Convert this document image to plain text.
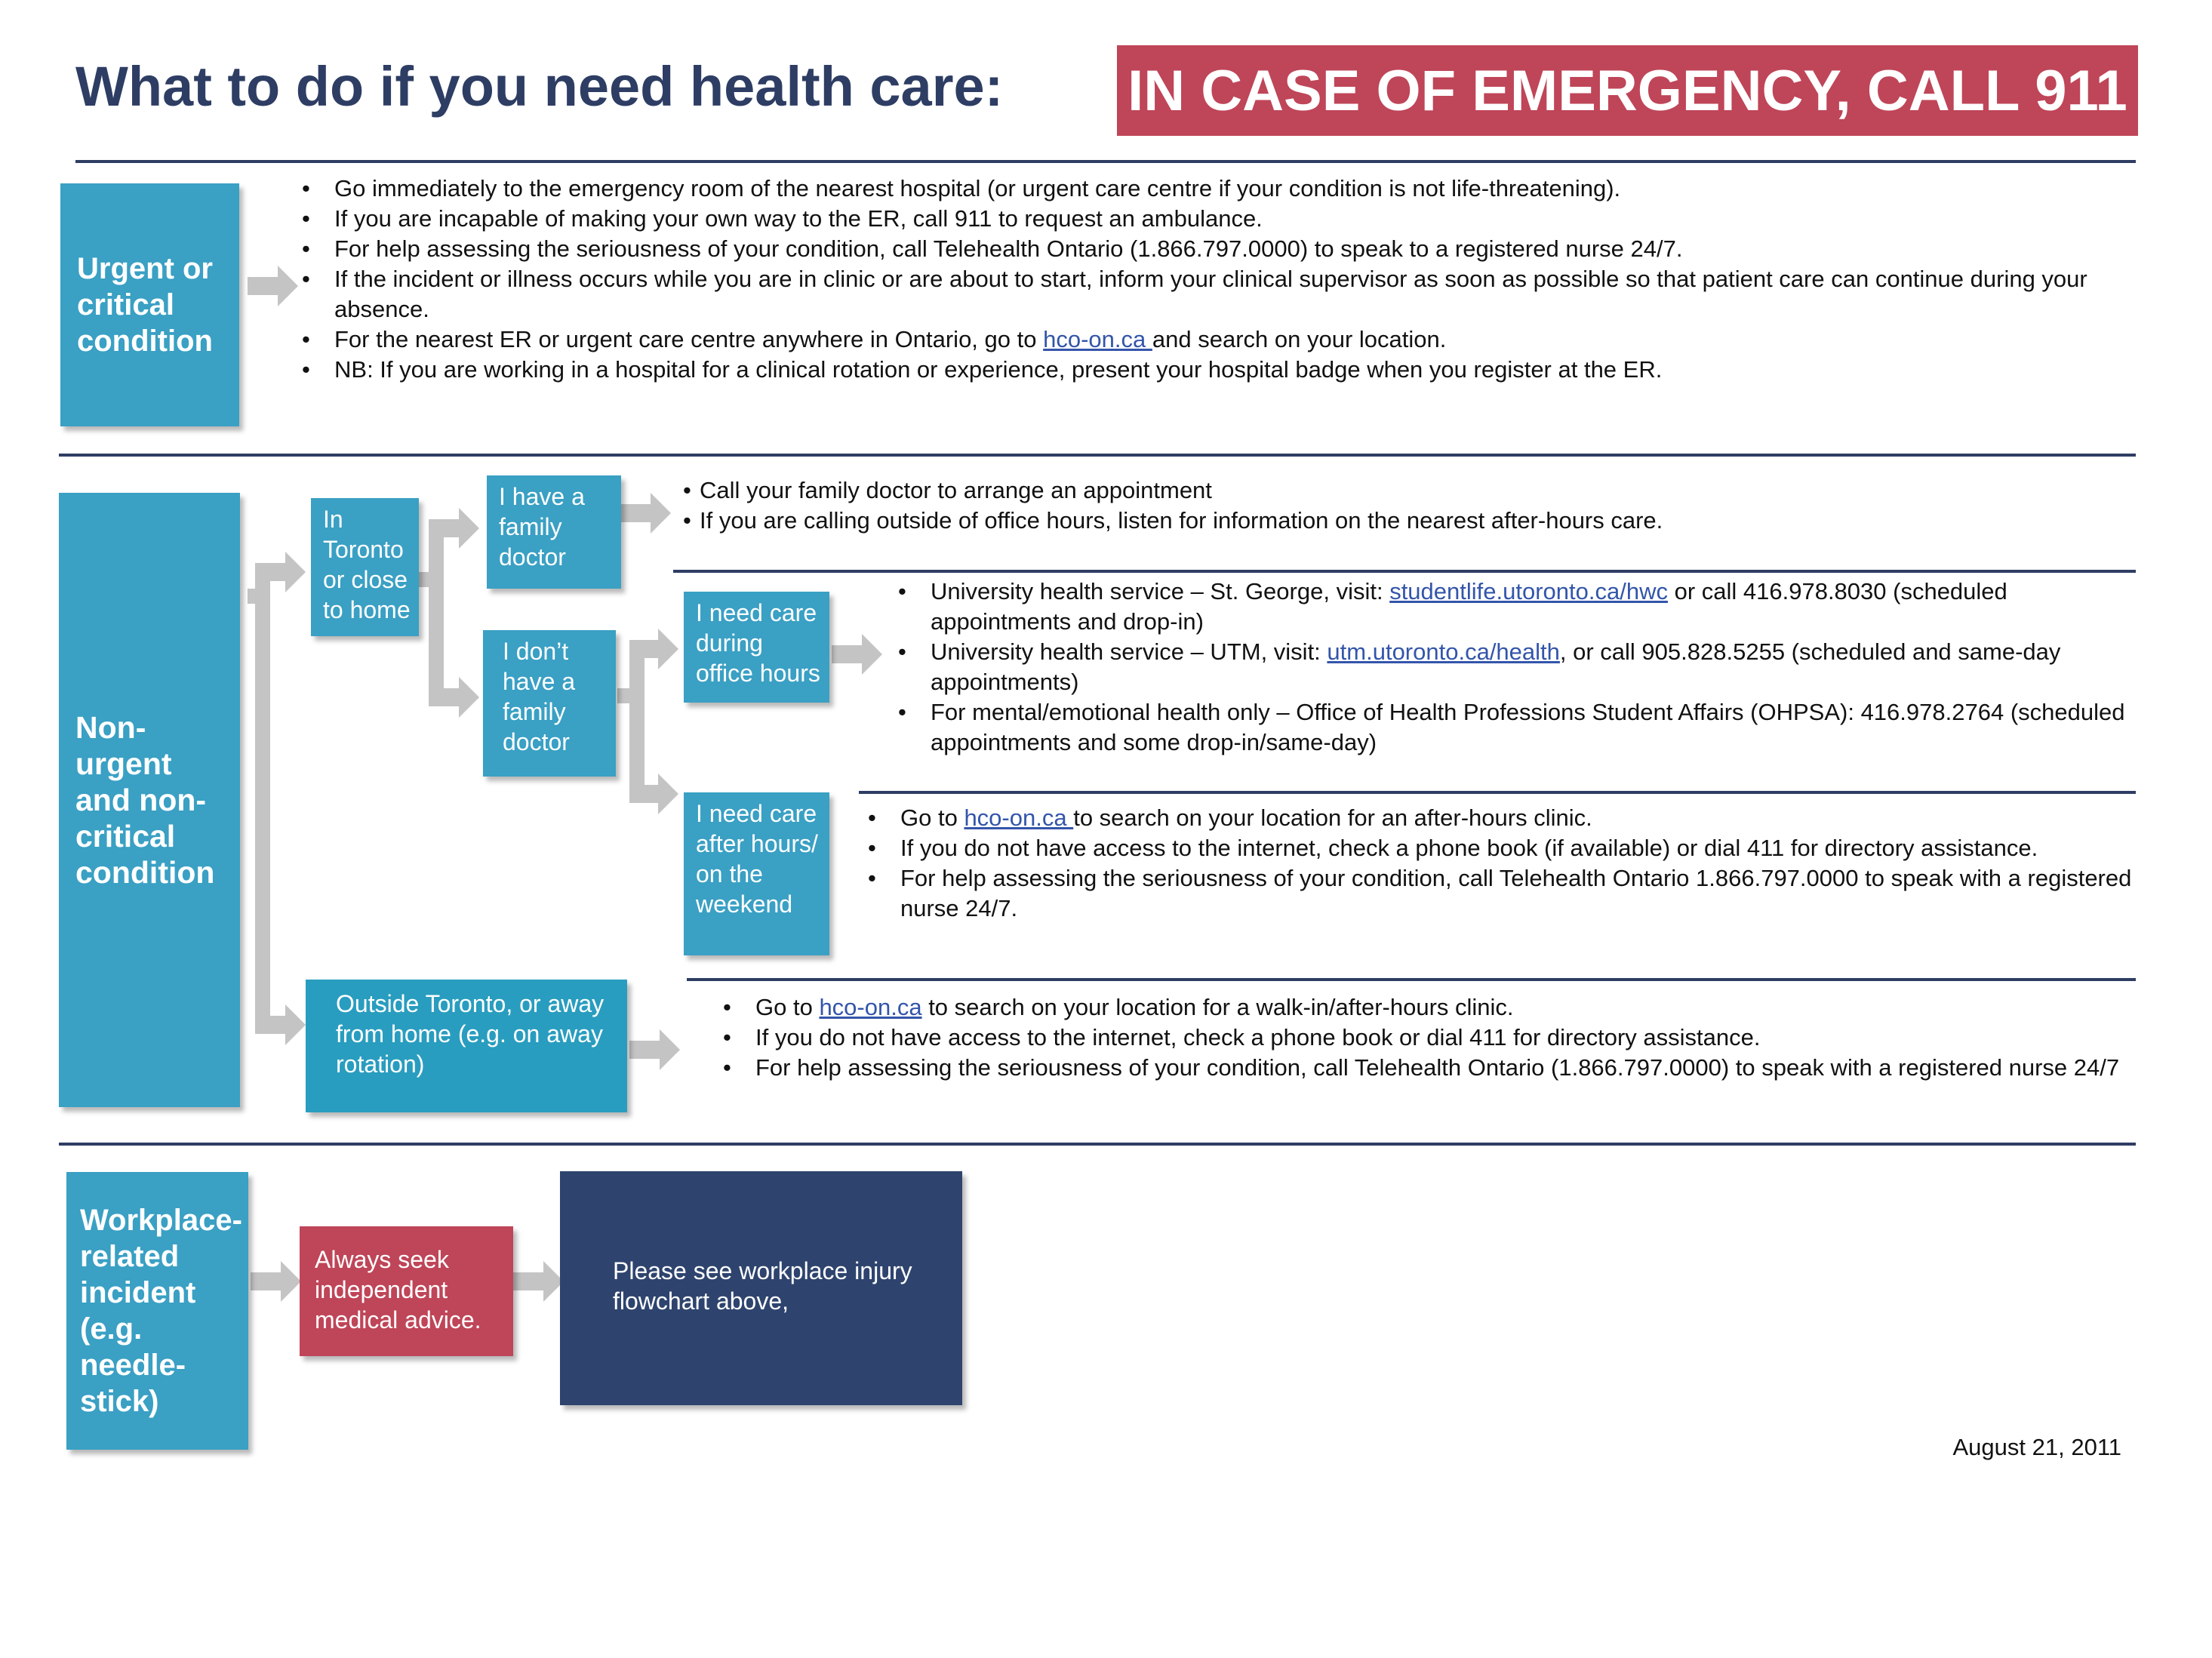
What to do if you need health care: IN CASE OF EMERGENCY, CALL 911
Urgent or critical condition
• Go immediately to the emergency room of the nearest hospital (or urgent care centre if your condition is not life-threatening).
• If you are incapable of making your own way to the ER, call 911 to request an ambulance.
• For help assessing the seriousness of your condition, call Telehealth Ontario (1.866.797.0000) to speak to a registered nurse 24/7.
• If the incident or illness occurs while you are in clinic or are about to start, inform your clinical supervisor as soon as possible so that patient care can continue during your absence.
• For the nearest ER or urgent care centre anywhere in Ontario, go to hco-on.ca and search on your location.
• NB: If you are working in a hospital for a clinical rotation or experience, present your hospital badge when you register at the ER.
Non-urgent and non-critical condition
In Toronto or close to home
I have a family doctor
I don’t have a family doctor
I need care during office hours
I need care after hours/ on the weekend
Outside Toronto, or away from home (e.g. on away rotation)
• Call your family doctor to arrange an appointment
• If you are calling outside of office hours, listen for information on the nearest after-hours care.
• University health service – St. George, visit: studentlife.utoronto.ca/hwc or call 416.978.8030 (scheduled appointments and drop-in)
• University health service – UTM, visit: utm.utoronto.ca/health, or call 905.828.5255 (scheduled and same-day appointments)
• For mental/emotional health only – Office of Health Professions Student Affairs (OHPSA): 416.978.2764 (scheduled appointments and some drop-in/same-day)
• Go to hco-on.ca to search on your location for an after-hours clinic.
• If you do not have access to the internet, check a phone book (if available) or dial 411 for directory assistance.
• For help assessing the seriousness of your condition, call Telehealth Ontario 1.866.797.0000 to speak with a registered nurse 24/7.
• Go to hco-on.ca to search on your location for a walk-in/after-hours clinic.
• If you do not have access to the internet, check a phone book or dial 411 for directory assistance.
• For help assessing the seriousness of your condition, call Telehealth Ontario (1.866.797.0000) to speak with a registered nurse 24/7
Workplace-related incident (e.g. needle-stick)
Always seek independent medical advice.
Please see workplace injury flowchart above,
August 21, 2011
